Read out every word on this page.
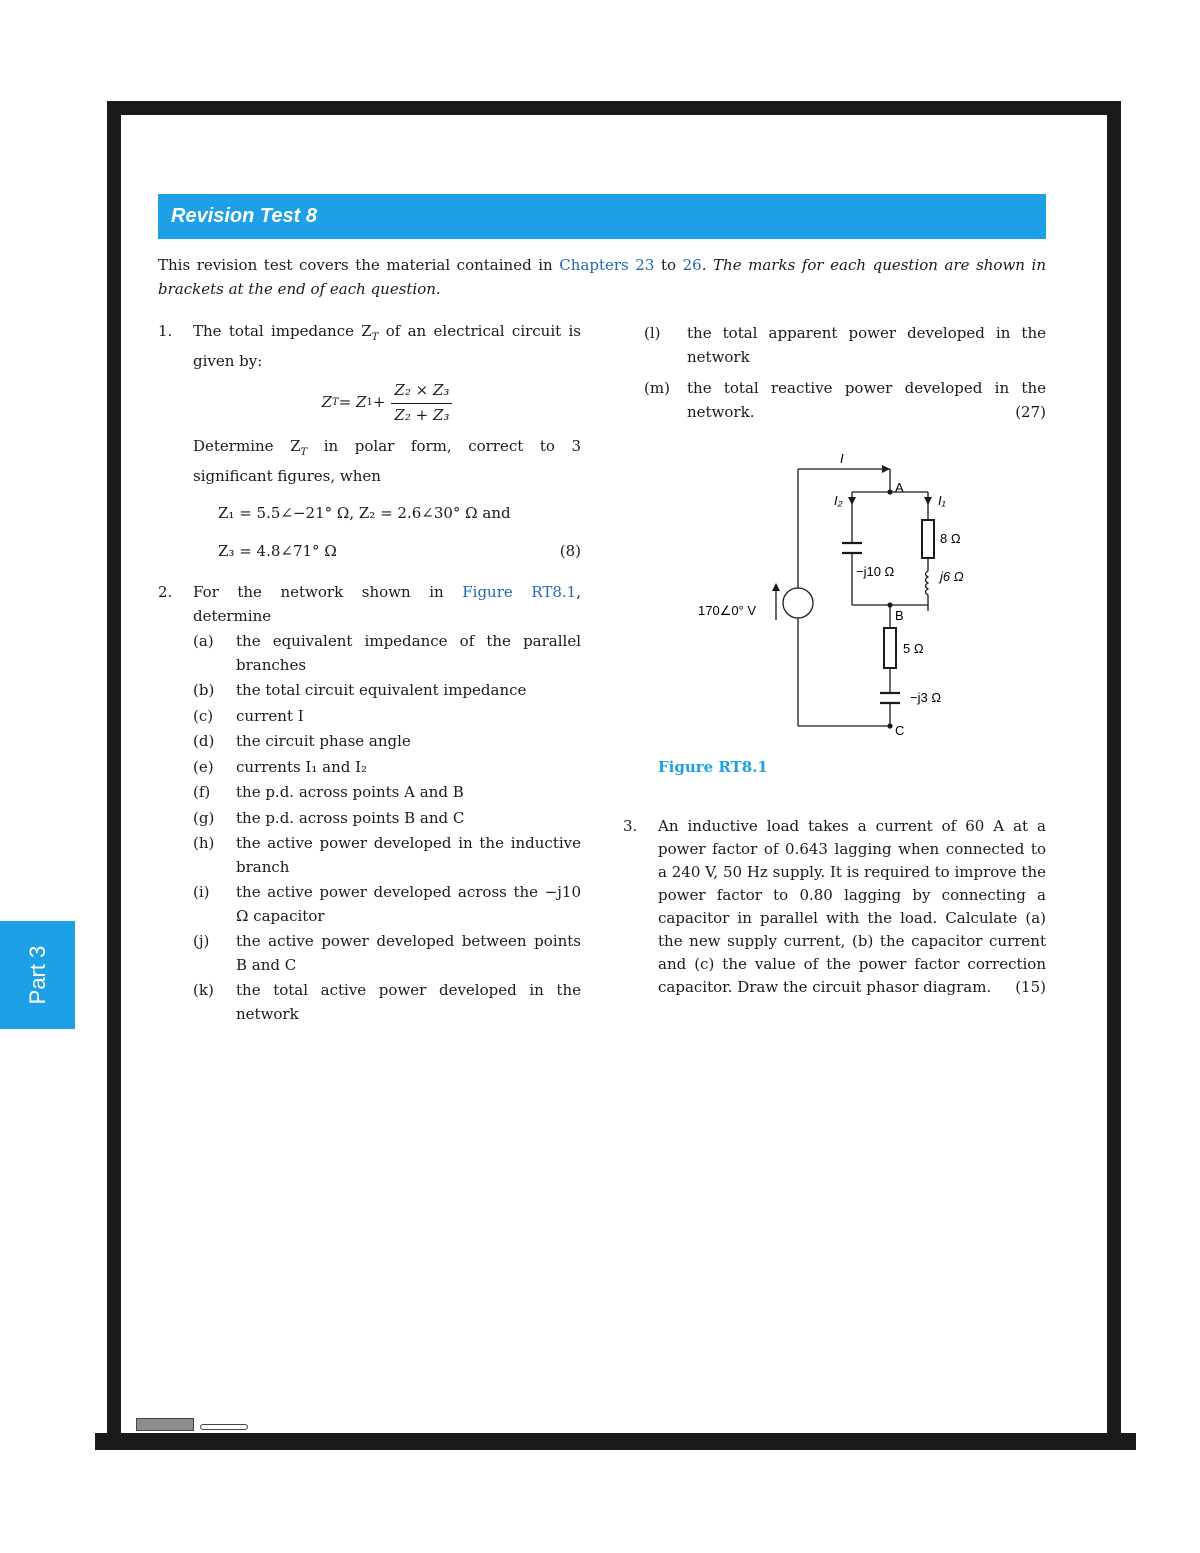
Part 3
Revision Test 8
This revision test covers the material contained in Chapters 23 to 26. The marks for each question are shown in brackets at the end of each question.
1.	The total impedance $Z_T$ of an electrical circuit is given by:
Z T = Z $1 + \frac{\text{Z₂ × Z₃}}{\text{Z₂ + Z₃}}$
Determine $Z_T$ in polar form, correct to 3 significant figures, when
Z₁ = 5.5∠−21° Ω, Z₂ = 2.6∠30° Ω and
Z₃ = 4.8∠71° Ω	(8)
2.	For the network shown in Figure RT8.1, determine
(a)	the equivalent impedance of the parallel branches
(b)	the total circuit equivalent impedance
(c)	current I
(d)	the circuit phase angle
(e)	currents I₁ and I₂
(f)	the p.d. across points A and B
(g)	the p.d. across points B and C
(h)	the active power developed in the inductive branch
(i)	the active power developed across the −j10 Ω capacitor
(j)	the active power developed between points B and C
(k)	the total active power developed in the network
(l)	the total apparent power developed in the network
(m)	the total reactive power developed in the network.	(27)
I
A
I₂	I₁
8 Ω
−j10 Ω	j6 Ω
170∠0° V	B
5 Ω
−j3 Ω
C
Figure RT8.1
3.	An inductive load takes a current of 60 A at a power factor of 0.643 lagging when connected to a 240 V, 50 Hz supply. It is required to improve the power factor to 0.80 lagging by connecting a capacitor in parallel with the load. Calculate (a) the new supply current, (b) the capacitor current and (c) the value of the power factor correction capacitor. Draw the circuit phasor diagram. (15)
